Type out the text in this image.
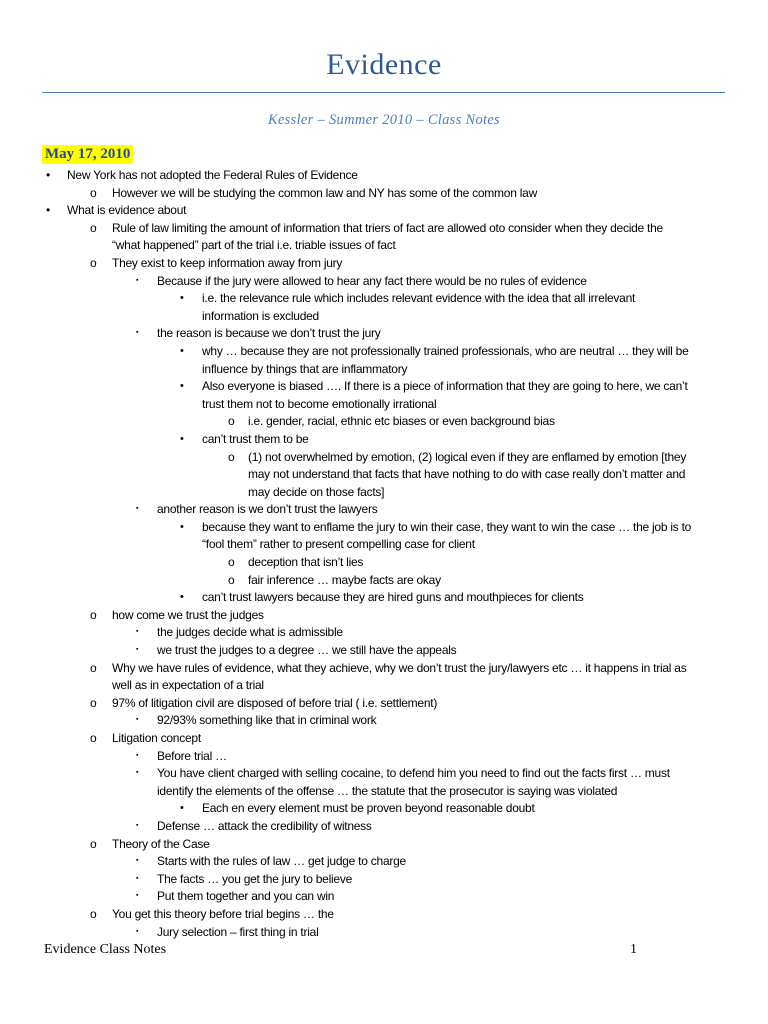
Evidence
Kessler – Summer 2010 – Class Notes
May 17, 2010
• New York has not adopted the Federal Rules of Evidence
o However we will be studying the common law and NY has some of the common law
• What is evidence about
o Rule of law limiting the amount of information that triers of fact are allowed oto consider when they decide the
“what happened” part of the trial i.e. triable issues of fact
o They exist to keep information away from jury
▪ Because if the jury were allowed to hear any fact there would be no rules of evidence
• i.e. the relevance rule which includes relevant evidence with the idea that all irrelevant
information is excluded
▪ the reason is because we don’t trust the jury
• why … because they are not professionally trained professionals, who are neutral … they will be
influence by things that are inflammatory
• Also everyone is biased …. If there is a piece of information that they are going to here, we can’t
trust them not to become emotionally irrational
o i.e. gender, racial, ethnic etc biases or even background bias
• can’t trust them to be
o (1) not overwhelmed by emotion, (2) logical even if they are enflamed by emotion [they
may not understand that facts that have nothing to do with case really don’t matter and
may decide on those facts]
▪ another reason is we don’t trust the lawyers
• because they want to enflame the jury to win their case, they want to win the case … the job is to
“fool them” rather to present compelling case for client
o deception that isn’t lies
o fair inference … maybe facts are okay
• can’t trust lawyers because they are hired guns and mouthpieces for clients
o how come we trust the judges
▪ the judges decide what is admissible
▪ we trust the judges to a degree … we still have the appeals
o Why we have rules of evidence, what they achieve, why we don’t trust the jury/lawyers etc … it happens in trial as
well as in expectation of a trial
o 97% of litigation civil are disposed of before trial ( i.e. settlement)
▪ 92/93% something like that in criminal work
o Litigation concept
▪ Before trial …
▪ You have client charged with selling cocaine, to defend him you need to find out the facts first … must
identify the elements of the offense … the statute that the prosecutor is saying was violated
• Each en every element must be proven beyond reasonable doubt
▪ Defense … attack the credibility of witness
o Theory of the Case
▪ Starts with the rules of law … get judge to charge
▪ The facts … you get the jury to believe
▪ Put them together and you can win
o You get this theory before trial begins … the
▪ Jury selection – first thing in trial
Evidence Class Notes	1
